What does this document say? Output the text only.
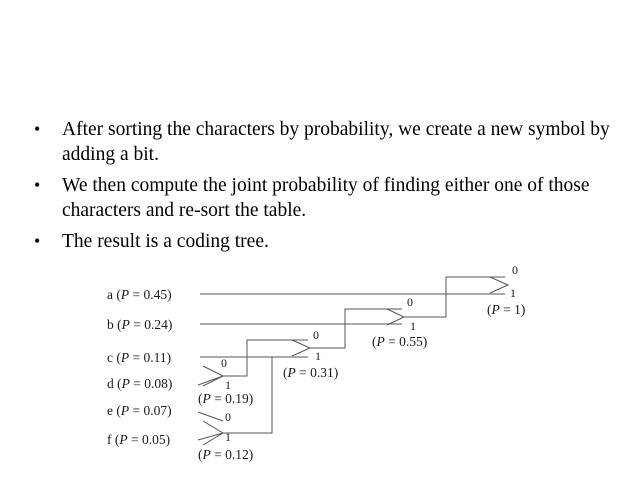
•	After sorting the characters by probability, we create a new symbol by adding a bit.
•	We then compute the joint probability of finding either one of those characters and re-sort the table.
•	The result is a coding tree.
a (P = 0.45)
b (P = 0.24)
c (P = 0.11)
d (P = 0.08)
e (P = 0.07)
f (P = 0.05)
0
1
0
1
0
1
0
1
0
1
(P = 0.19)
(P = 0.12)
(P = 0.31)
(P = 0.55)
(P = 1)
